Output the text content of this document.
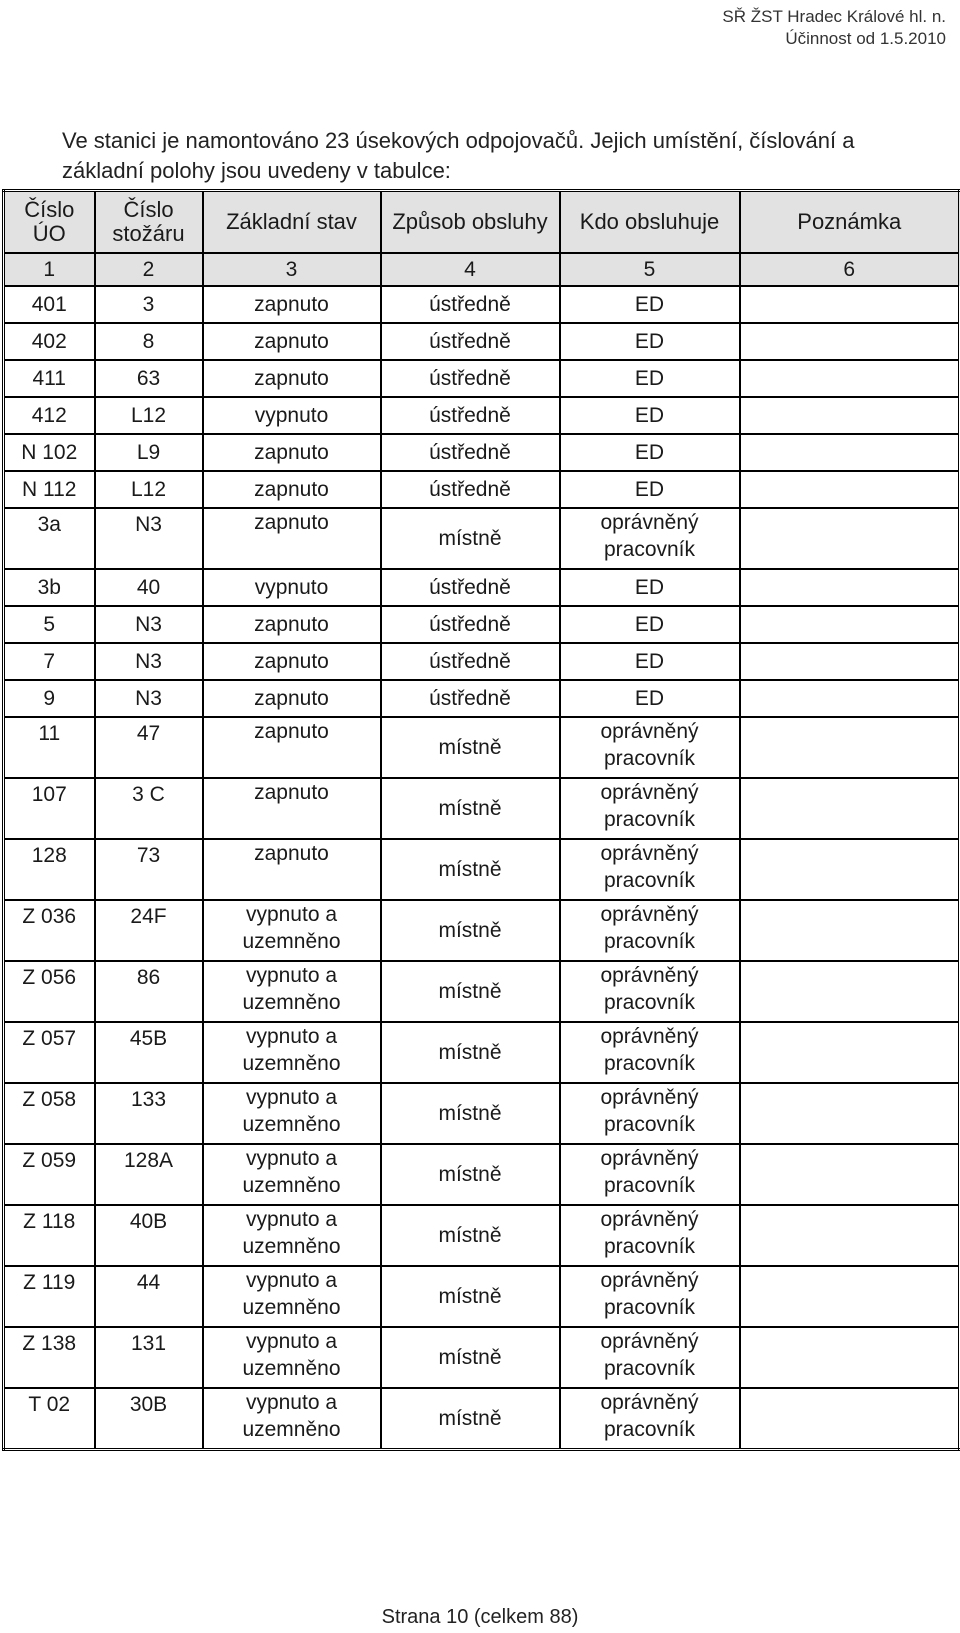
SŘ ŽST Hradec Králové hl. n.
Účinnost od 1.5.2010
Ve stanici je namontováno 23 úsekových odpojovačů. Jejich umístění, číslování a základní polohy jsou uvedeny v tabulce:
Číslo ÚO	Číslo stožáru	Základní stav	Způsob obsluhy	Kdo obsluhuje	Poznámka
1	2	3	4	5	6
401	3	zapnuto	ústředně	ED	
402	8	zapnuto	ústředně	ED	
411	63	zapnuto	ústředně	ED	
412	L12	vypnuto	ústředně	ED	
N 102	L9	zapnuto	ústředně	ED	
N 112	L12	zapnuto	ústředně	ED	
3a	N3	zapnuto	místně	oprávněný pracovník	
3b	40	vypnuto	ústředně	ED	
5	N3	zapnuto	ústředně	ED	
7	N3	zapnuto	ústředně	ED	
9	N3	zapnuto	ústředně	ED	
11	47	zapnuto	místně	oprávněný pracovník	
107	3 C	zapnuto	místně	oprávněný pracovník	
128	73	zapnuto	místně	oprávněný pracovník	
Z 036	24F	vypnuto a uzemněno	místně	oprávněný pracovník	
Z 056	86	vypnuto a uzemněno	místně	oprávněný pracovník	
Z 057	45B	vypnuto a uzemněno	místně	oprávněný pracovník	
Z 058	133	vypnuto a uzemněno	místně	oprávněný pracovník	
Z 059	128A	vypnuto a uzemněno	místně	oprávněný pracovník	
Z 118	40B	vypnuto a uzemněno	místně	oprávněný pracovník	
Z 119	44	vypnuto a uzemněno	místně	oprávněný pracovník	
Z 138	131	vypnuto a uzemněno	místně	oprávněný pracovník	
T 02	30B	vypnuto a uzemněno	místně	oprávněný pracovník	
Strana 10 (celkem 88)
